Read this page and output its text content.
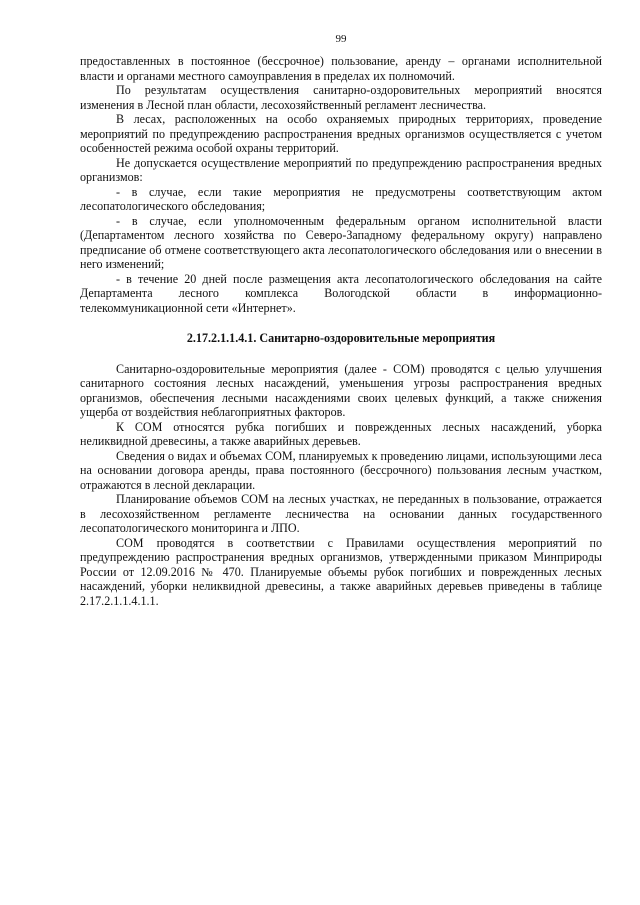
99

предоставленных в постоянное (бессрочное) пользование, аренду – органами исполнительной власти и органами местного самоуправления в пределах их полномочий.

По результатам осуществления санитарно-оздоровительных мероприятий вносятся изменения в Лесной план области, лесохозяйственный регламент лесничества.

В лесах, расположенных на особо охраняемых природных территориях, проведение мероприятий по предупреждению распространения вредных организмов осуществляется с учетом особенностей режима особой охраны территорий.

Не допускается осуществление мероприятий по предупреждению распространения вредных организмов:

- в случае, если такие мероприятия не предусмотрены соответствующим актом лесопатологического обследования;

- в случае, если уполномоченным федеральным органом исполнительной власти (Департаментом лесного хозяйства по Северо-Западному федеральному округу) направлено предписание об отмене соответствующего акта лесопатологического обследования или о внесении в него изменений;

- в течение 20 дней после размещения акта лесопатологического обследования на сайте

Департамента лесного комплекса Вологодской области в информационно-

телекоммуникационной сети «Интернет».

2.17.2.1.1.4.1. Санитарно-оздоровительные мероприятия

Санитарно-оздоровительные мероприятия (далее - СОМ) проводятся с целью улучшения санитарного состояния лесных насаждений, уменьшения угрозы распространения вредных организмов, обеспечения лесными насаждениями своих целевых функций, а также снижения ущерба от воздействия неблагоприятных факторов.

К СОМ относятся рубка погибших и поврежденных лесных насаждений, уборка неликвидной древесины, а также аварийных деревьев.

Сведения о видах и объемах СОМ, планируемых к проведению лицами, использующими леса на основании договора аренды, права постоянного (бессрочного) пользования лесным участком, отражаются в лесной декларации.

Планирование объемов СОМ на лесных участках, не переданных в пользование, отражается в лесохозяйственном регламенте лесничества на основании данных государственного лесопатологического мониторинга и ЛПО.

СОМ проводятся в соответствии с Правилами осуществления мероприятий по предупреждению распространения вредных организмов, утвержденными приказом Минприроды России от 12.09.2016 № 470. Планируемые объемы рубок погибших и поврежденных лесных насаждений, уборки неликвидной древесины, а также аварийных деревьев приведены в таблице 2.17.2.1.1.4.1.1.
